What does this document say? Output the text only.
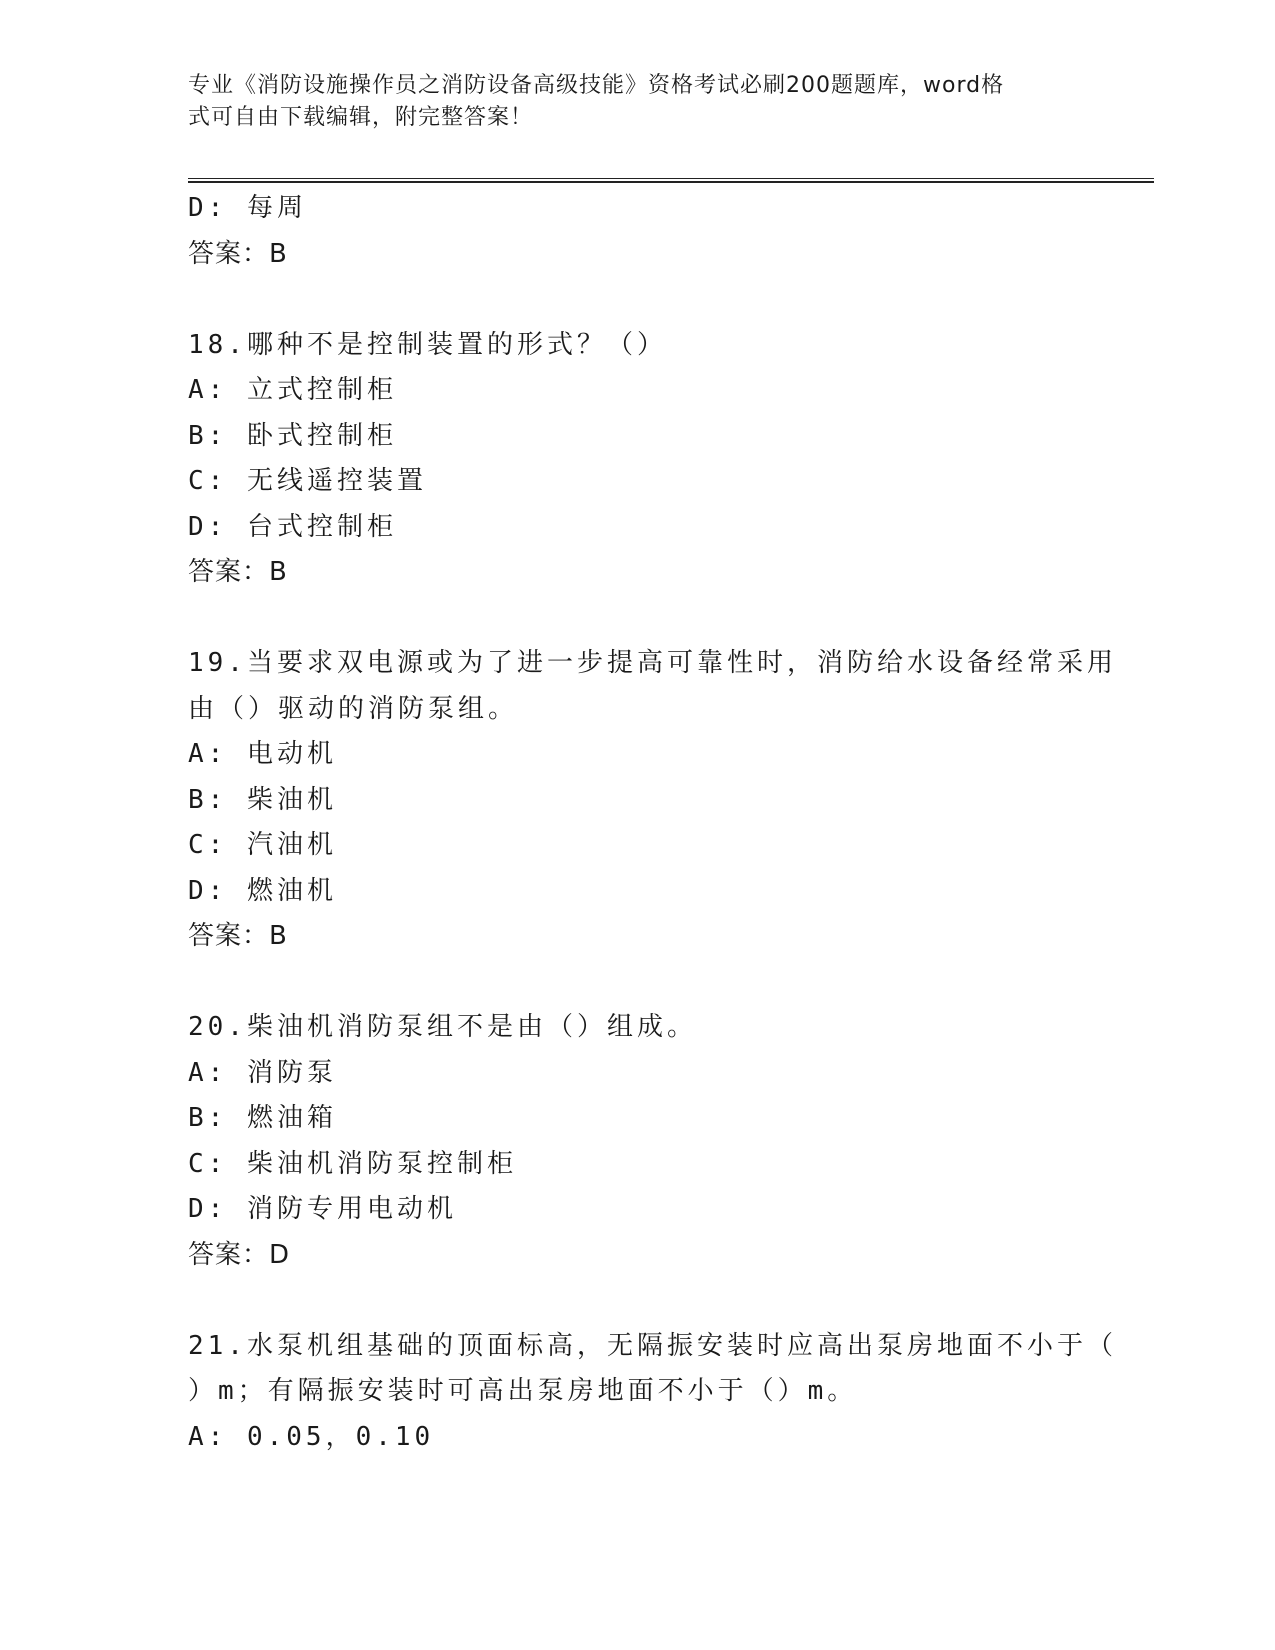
专业《消防设施操作员之消防设备高级技能》资格考试必刷200题题库，word格
式可自由下载编辑，附完整答案！
D: 每周
答案：B
18.哪种不是控制装置的形式？（）
A: 立式控制柜
B: 卧式控制柜
C: 无线遥控装置
D: 台式控制柜
答案：B
19.当要求双电源或为了进一步提高可靠性时，消防给水设备经常采用
由（）驱动的消防泵组。
A: 电动机
B: 柴油机
C: 汽油机
D: 燃油机
答案：B
20.柴油机消防泵组不是由（）组成。
A: 消防泵
B: 燃油箱
C: 柴油机消防泵控制柜
D: 消防专用电动机
答案：D
21.水泵机组基础的顶面标高，无隔振安装时应高出泵房地面不小于（
）m；有隔振安装时可高出泵房地面不小于（）m。
A: 0.05，0.10
